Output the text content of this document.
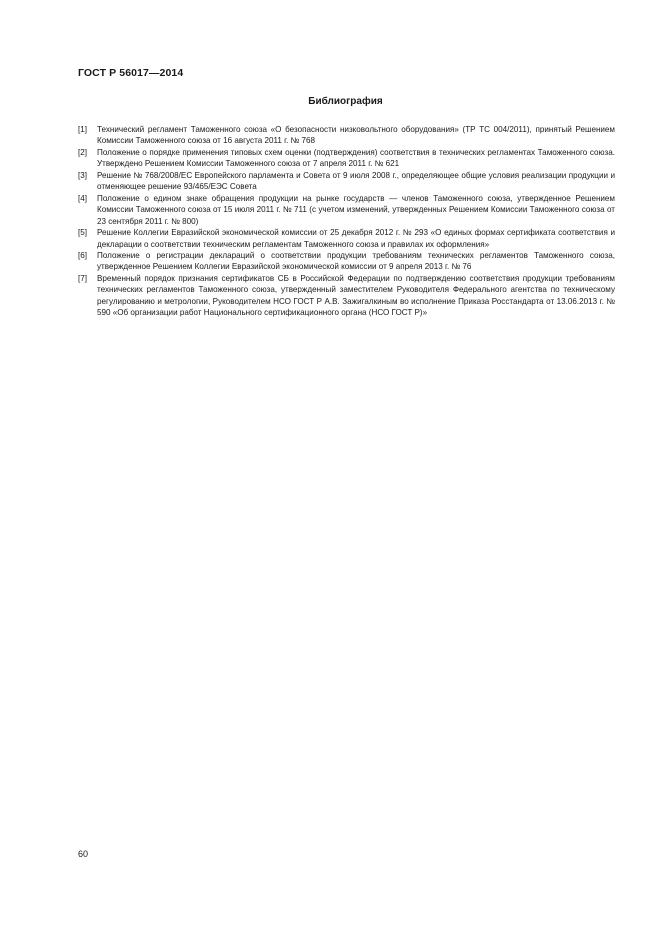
ГОСТ Р 56017—2014
Библиография
[1]	Технический регламент Таможенного союза «О безопасности низковольтного оборудования» (ТР ТС 004/2011), принятый Решением Комиссии Таможенного союза от 16 августа 2011 г. № 768
[2]	Положение о порядке применения типовых схем оценки (подтверждения) соответствия в технических регламентах Таможенного союза. Утверждено Решением Комиссии Таможенного союза от 7 апреля 2011 г. № 621
[3]	Решение № 768/2008/ЕС Европейского парламента и Совета от 9 июля 2008 г., определяющее общие условия реализации продукции и отменяющее решение 93/465/ЕЭС Совета
[4]	Положение о едином знаке обращения продукции на рынке государств — членов Таможенного союза, утвержденное Решением Комиссии Таможенного союза от 15 июля 2011 г. № 711 (с учетом изменений, утвержденных Решением Комиссии Таможенного союза от 23 сентября 2011 г. № 800)
[5]	Решение Коллегии Евразийской экономической комиссии от 25 декабря 2012 г. № 293 «О единых формах сертификата соответствия и декларации о соответствии техническим регламентам Таможенного союза и правилах их оформления»
[6]	Положение о регистрации деклараций о соответствии продукции требованиям технических регламентов Таможенного союза, утвержденное Решением Коллегии Евразийской экономической комиссии от 9 апреля 2013 г. № 76
[7]	Временный порядок признания сертификатов СБ в Российской Федерации по подтверждению соответствия продукции требованиям технических регламентов Таможенного союза, утвержденный заместителем Руководителя Федерального агентства по техническому регулированию и метрологии, Руководителем НСО ГОСТ Р А.В. Зажигалкиным во исполнение Приказа Росстандарта от 13.06.2013 г. № 590 «Об организации работ Национального сертификационного органа (НСО ГОСТ Р)»
60
